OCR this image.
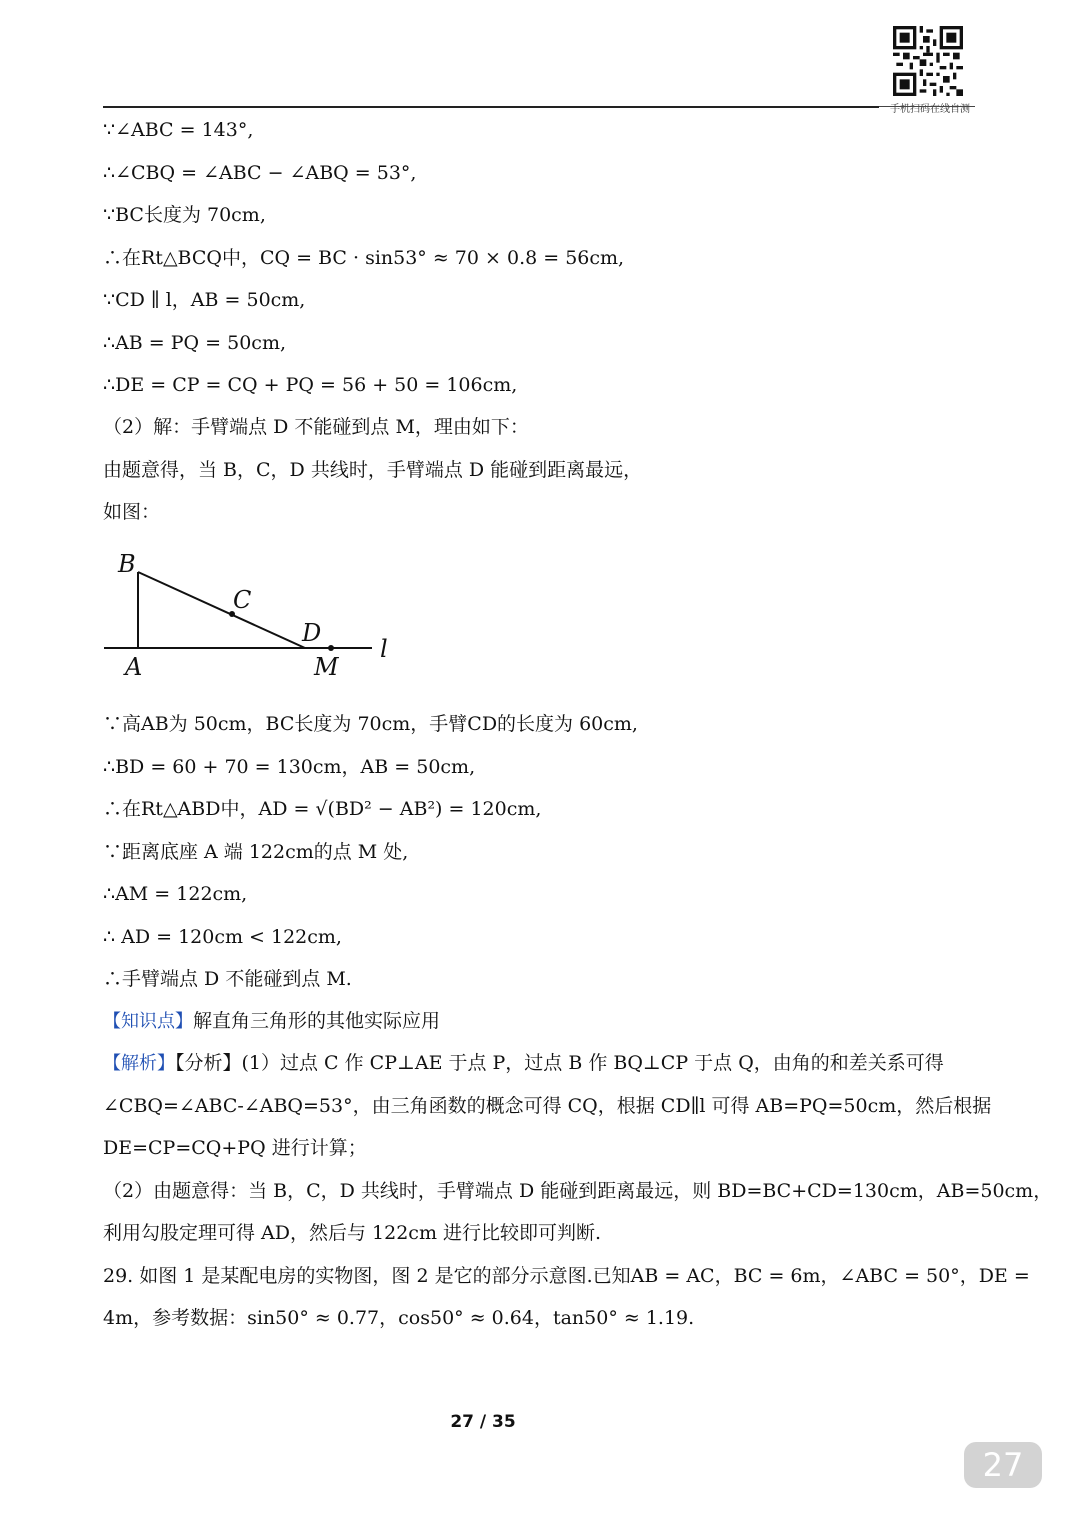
手机扫码在线自测
∵∠ABC = 143°,
∴∠CBQ = ∠ABC − ∠ABQ = 53°,
∵BC长度为 70cm,
∴在Rt△BCQ中，CQ = BC · sin53° ≈ 70 × 0.8 = 56cm,
∵CD ∥ l，AB = 50cm,
∴AB = PQ = 50cm,
∴DE = CP = CQ + PQ = 56 + 50 = 106cm,
（2）解：手臂端点 D 不能碰到点 M，理由如下：
由题意得，当 B，C，D 共线时，手臂端点 D 能碰到距离最远，
如图：
B
C
D
A	M
l
∵高AB为 50cm，BC长度为 70cm，手臂CD的长度为 60cm,
∴BD = 60 + 70 = 130cm，AB = 50cm,
∴在Rt△ABD中，AD = √(BD² − AB²) = 120cm,
∵距离底座 A 端 122cm的点 M 处,
∴AM = 122cm,
∴ AD = 120cm < 122cm,
∴手臂端点 D 不能碰到点 M.
【知识点】解直角三角形的其他实际应用
【解析】【分析】(1）过点 C 作 CP⊥AE 于点 P，过点 B 作 BQ⊥CP 于点 Q，由角的和差关系可得
∠CBQ=∠ABC-∠ABQ=53°，由三角函数的概念可得 CQ，根据 CD∥l 可得 AB=PQ=50cm，然后根据
DE=CP=CQ+PQ 进行计算；
（2）由题意得：当 B，C，D 共线时，手臂端点 D 能碰到距离最远，则 BD=BC+CD=130cm，AB=50cm，
利用勾股定理可得 AD，然后与 122cm 进行比较即可判断.
29. 如图 1 是某配电房的实物图，图 2 是它的部分示意图.已知AB = AC，BC = 6m，∠ABC = 50°，DE =
4m，参考数据：sin50° ≈ 0.77，cos50° ≈ 0.64，tan50° ≈ 1.19.
27 / 35
27
